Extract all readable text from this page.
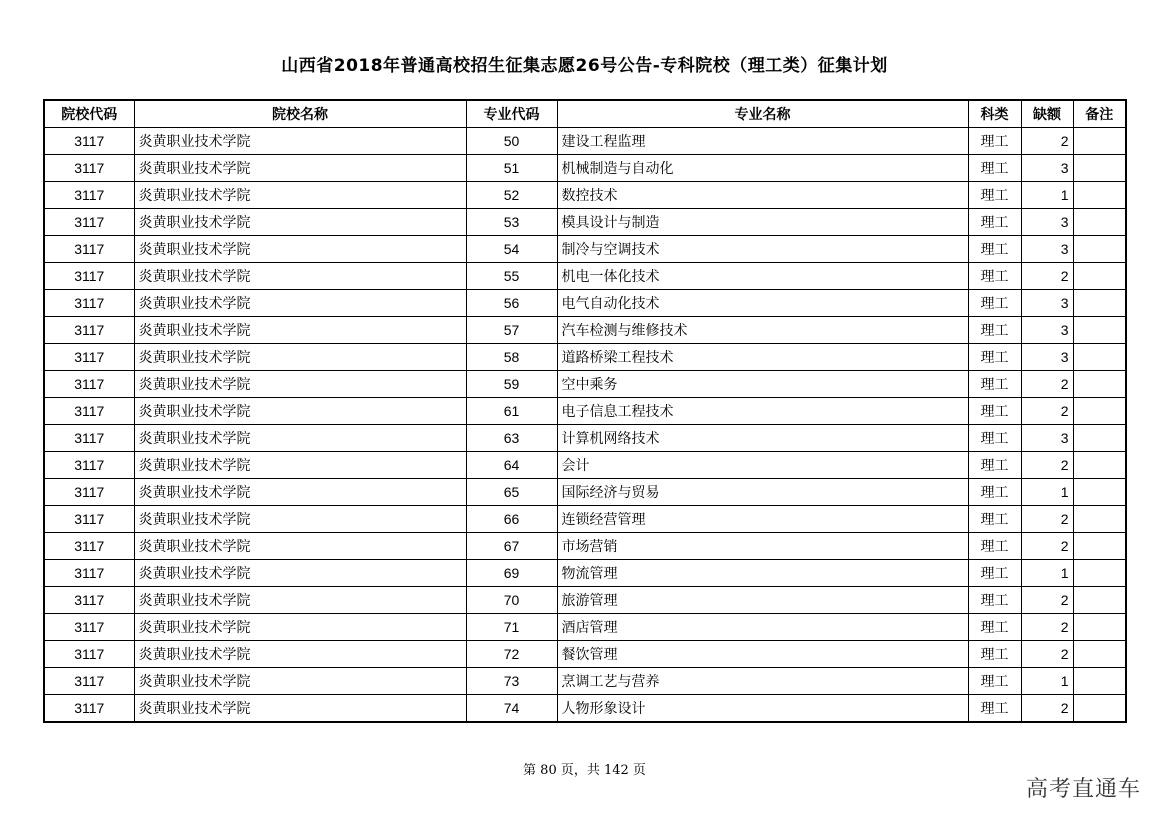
山西省2018年普通高校招生征集志愿26号公告-专科院校（理工类）征集计划
院校代码	院校名称	专业代码	专业名称	科类	缺额	备注
3117	炎黄职业技术学院	50	建设工程监理	理工	2	
3117	炎黄职业技术学院	51	机械制造与自动化	理工	3	
3117	炎黄职业技术学院	52	数控技术	理工	1	
3117	炎黄职业技术学院	53	模具设计与制造	理工	3	
3117	炎黄职业技术学院	54	制冷与空调技术	理工	3	
3117	炎黄职业技术学院	55	机电一体化技术	理工	2	
3117	炎黄职业技术学院	56	电气自动化技术	理工	3	
3117	炎黄职业技术学院	57	汽车检测与维修技术	理工	3	
3117	炎黄职业技术学院	58	道路桥梁工程技术	理工	3	
3117	炎黄职业技术学院	59	空中乘务	理工	2	
3117	炎黄职业技术学院	61	电子信息工程技术	理工	2	
3117	炎黄职业技术学院	63	计算机网络技术	理工	3	
3117	炎黄职业技术学院	64	会计	理工	2	
3117	炎黄职业技术学院	65	国际经济与贸易	理工	1	
3117	炎黄职业技术学院	66	连锁经营管理	理工	2	
3117	炎黄职业技术学院	67	市场营销	理工	2	
3117	炎黄职业技术学院	69	物流管理	理工	1	
3117	炎黄职业技术学院	70	旅游管理	理工	2	
3117	炎黄职业技术学院	71	酒店管理	理工	2	
3117	炎黄职业技术学院	72	餐饮管理	理工	2	
3117	炎黄职业技术学院	73	烹调工艺与营养	理工	1	
3117	炎黄职业技术学院	74	人物形象设计	理工	2	
第 80 页，共 142 页
高考直通车
